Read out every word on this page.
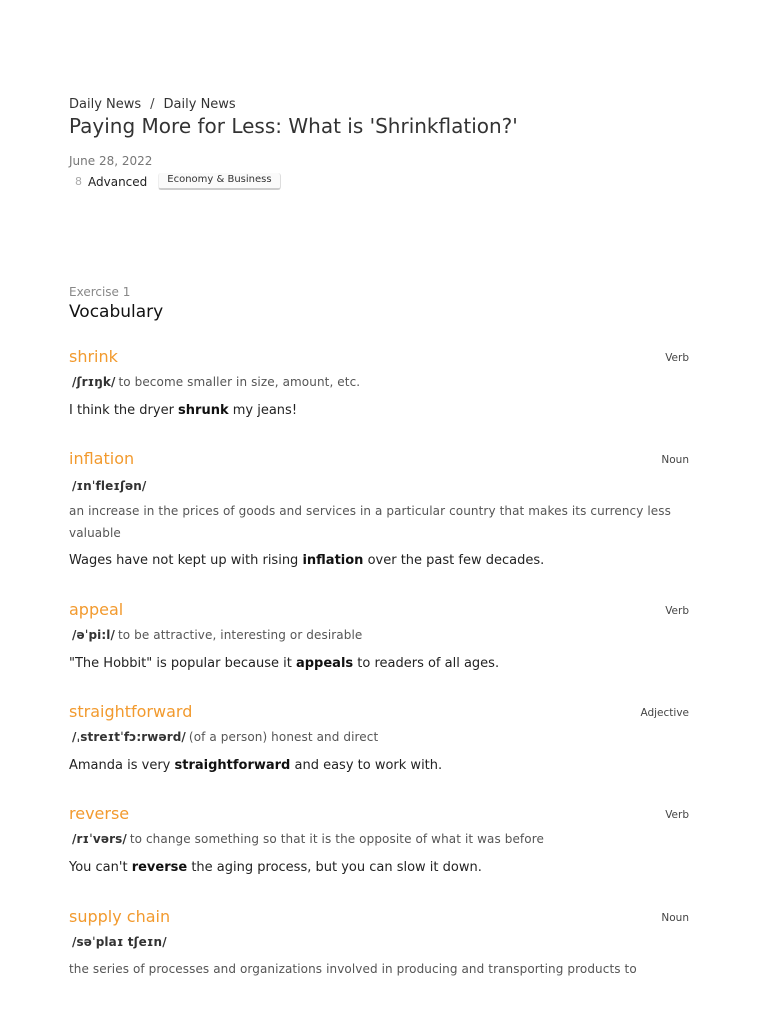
Daily News / Daily News
Paying More for Less: What is 'Shrinkflation?'
June 28, 2022
8 Advanced	Economy & Business
Exercise 1
Vocabulary
shrink	Verb
/ʃrɪŋk/ to become smaller in size, amount, etc.
I think the dryer shrunk my jeans!
inflation	Noun
/ɪnˈfleɪʃən/
an increase in the prices of goods and services in a particular country that makes its currency less valuable
Wages have not kept up with rising inflation over the past few decades.
appeal	Verb
/əˈpi:l/ to be attractive, interesting or desirable
"The Hobbit" is popular because it appeals to readers of all ages.
straightforward	Adjective
/ˌstreɪtˈfɔ:rwərd/ (of a person) honest and direct
Amanda is very straightforward and easy to work with.
reverse	Verb
/rɪˈvərs/ to change something so that it is the opposite of what it was before
You can't reverse the aging process, but you can slow it down.
supply chain	Noun
/səˈplaɪ tʃeɪn/
the series of processes and organizations involved in producing and transporting products to
